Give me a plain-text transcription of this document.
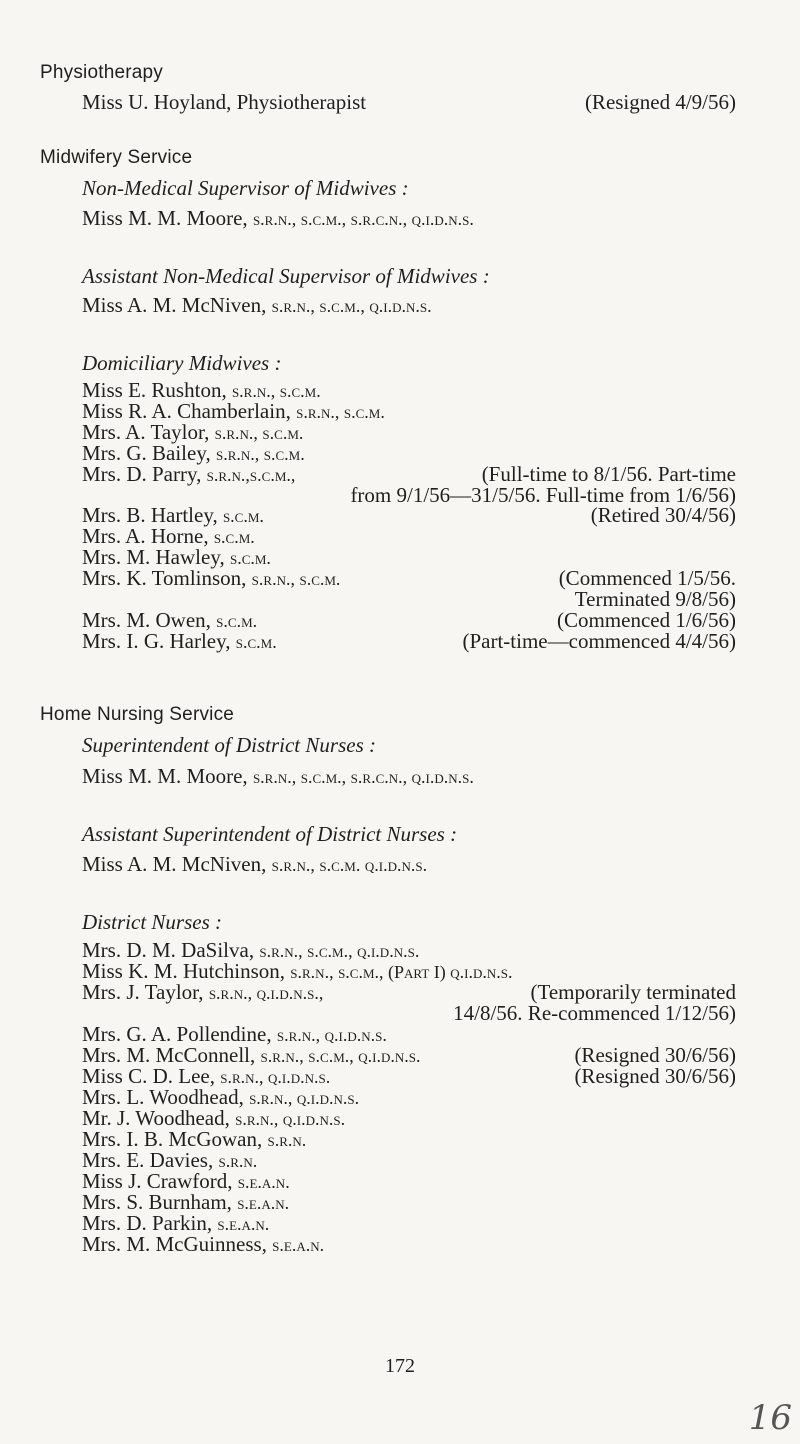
Physiotherapy
Miss U. Hoyland, Physiotherapist	(Resigned 4/9/56)
Midwifery Service
Non-Medical Supervisor of Midwives :
Miss M. M. Moore, s.r.n., s.c.m., s.r.c.n., q.i.d.n.s.
Assistant Non-Medical Supervisor of Midwives :
Miss A. M. McNiven, s.r.n., s.c.m., q.i.d.n.s.
Domiciliary Midwives :
Miss E. Rushton, s.r.n., s.c.m.
Miss R. A. Chamberlain, s.r.n., s.c.m.
Mrs. A. Taylor, s.r.n., s.c.m.
Mrs. G. Bailey, s.r.n., s.c.m.
Mrs. D. Parry, s.r.n.,s.c.m.,	(Full-time to 8/1/56. Part-time
from 9/1/56—31/5/56. Full-time from 1/6/56)
Mrs. B. Hartley, s.c.m.	(Retired 30/4/56)
Mrs. A. Horne, s.c.m.
Mrs. M. Hawley, s.c.m.
Mrs. K. Tomlinson, s.r.n., s.c.m.	(Commenced 1/5/56.
Terminated 9/8/56)
Mrs. M. Owen, s.c.m.	(Commenced 1/6/56)
Mrs. I. G. Harley, s.c.m.	(Part-time—commenced 4/4/56)
Home Nursing Service
Superintendent of District Nurses :
Miss M. M. Moore, s.r.n., s.c.m., s.r.c.n., q.i.d.n.s.
Assistant Superintendent of District Nurses :
Miss A. M. McNiven, s.r.n., s.c.m. q.i.d.n.s.
District Nurses :
Mrs. D. M. DaSilva, s.r.n., s.c.m., q.i.d.n.s.
Miss K. M. Hutchinson, s.r.n., s.c.m., (Part I) q.i.d.n.s.
Mrs. J. Taylor, s.r.n., q.i.d.n.s.,	(Temporarily terminated
14/8/56. Re-commenced 1/12/56)
Mrs. G. A. Pollendine, s.r.n., q.i.d.n.s.
Mrs. M. McConnell, s.r.n., s.c.m., q.i.d.n.s.	(Resigned 30/6/56)
Miss C. D. Lee, s.r.n., q.i.d.n.s.	(Resigned 30/6/56)
Mrs. L. Woodhead, s.r.n., q.i.d.n.s.
Mr. J. Woodhead, s.r.n., q.i.d.n.s.
Mrs. I. B. McGowan, s.r.n.
Mrs. E. Davies, s.r.n.
Miss J. Crawford, s.e.a.n.
Mrs. S. Burnham, s.e.a.n.
Mrs. D. Parkin, s.e.a.n.
Mrs. M. McGuinness, s.e.a.n.
172
16
